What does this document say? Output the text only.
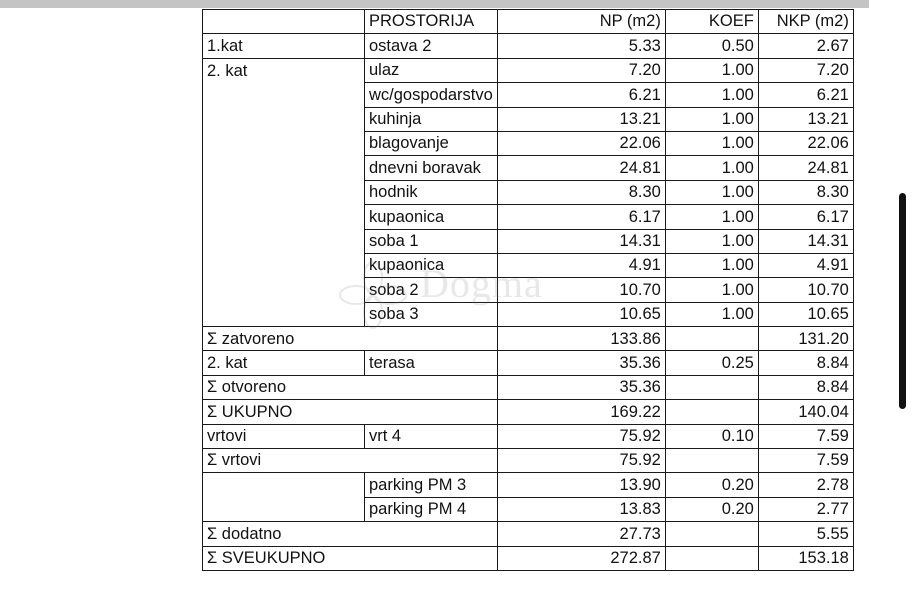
	PROSTORIJA	NP (m2)	KOEF	NKP (m2)
1.kat	ostava 2	5.33	0.50	2.67
2. kat	ulaz	7.20	1.00	7.20
	wc/gospodarstvo	6.21	1.00	6.21
	kuhinja	13.21	1.00	13.21
	blagovanje	22.06	1.00	22.06
	dnevni boravak	24.81	1.00	24.81
	hodnik	8.30	1.00	8.30
	kupaonica	6.17	1.00	6.17
	soba 1	14.31	1.00	14.31
	kupaonica	4.91	1.00	4.91
	soba 2	10.70	1.00	10.70
	soba 3	10.65	1.00	10.65
Σ zatvoreno		133.86		131.20
2. kat	terasa	35.36	0.25	8.84
Σ otvoreno		35.36		8.84
Σ UKUPNO		169.22		140.04
vrtovi	vrt 4	75.92	0.10	7.59
Σ vrtovi		75.92		7.59
	parking PM 3	13.90	0.20	2.78
	parking PM 4	13.83	0.20	2.77
Σ dodatno		27.73		5.55
Σ SVEUKUPNO		272.87		153.18
Dogma
